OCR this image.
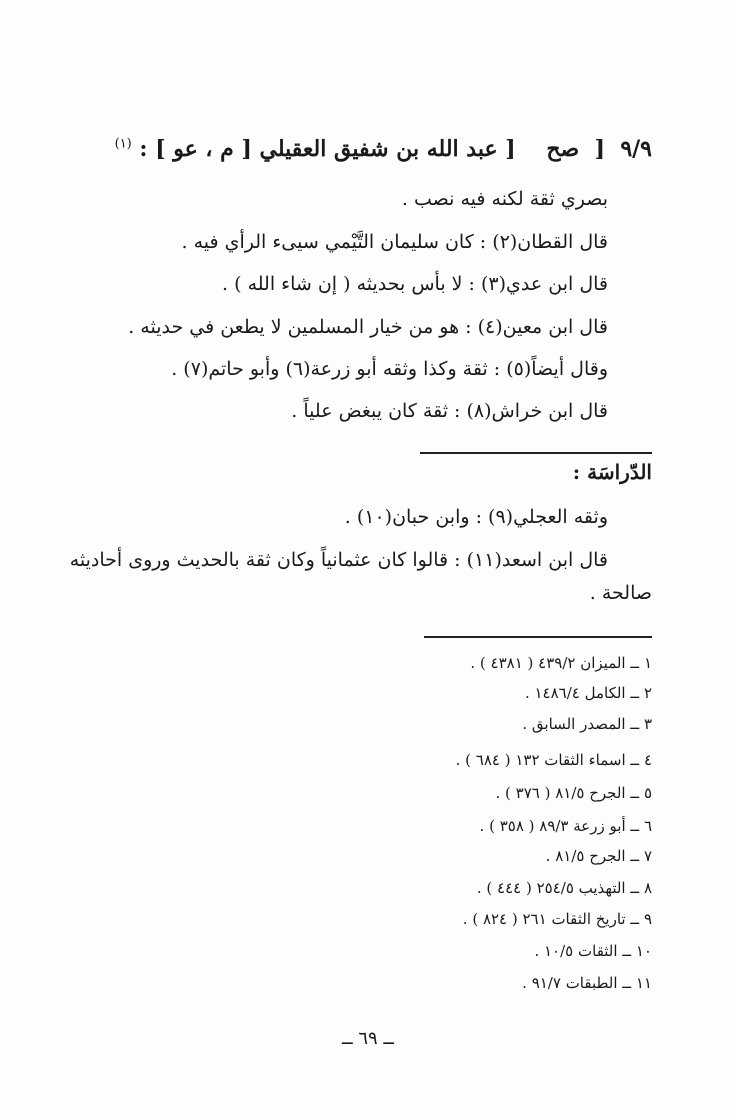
٩/٩  [  صح    [ عبد الله بن شفيق العقيلي [ م ، عو ] : $^{(١)}$
بصري ثقة لكنه فيه نصب .
قال القطان(٢) : كان سليمان التَّيْمي سيىء الرأي فيه .
قال ابن عدي(٣) : لا بأس بحديثه ( إن شاء الله ) .
قال ابن معين(٤) : هو من خيار المسلمين لا يطعن في حديثه .
وقال أيضاً(٥) : ثقة وكذا وثقه أبو زرعة(٦) وأبو حاتم(٧) .
قال ابن خراش(٨) : ثقة كان يبغض علياً .
الدّراسَة :
وثقه العجلي(٩) : وابن حبان(١٠) .
قال ابن اسعد(١١) : قالوا كان عثمانياً وكان ثقة بالحديث وروى أحاديثه
صالحة .
١ ــ الميزان ٤٣٩/٢ ( ٤٣٨١ ) .
٢ ــ الكامل ١٤٨٦/٤ .
٣ ــ المصدر السابق .
٤ ــ اسماء الثقات ١٣٢ ( ٦٨٤ ) .
٥ ــ الجرح ٨١/٥ ( ٣٧٦ ) .
٦ ــ أبو زرعة ٨٩/٣ ( ٣٥٨ ) .
٧ ــ الجرح ٨١/٥ .
٨ ــ التهذيب ٢٥٤/٥ ( ٤٤٤ ) .
٩ ــ تاريخ الثقات ٢٦١ ( ٨٢٤ ) .
١٠ ــ الثقات ١٠/٥ .
١١ ــ الطبقات ٩١/٧ .
ــ ٦٩ ــ
